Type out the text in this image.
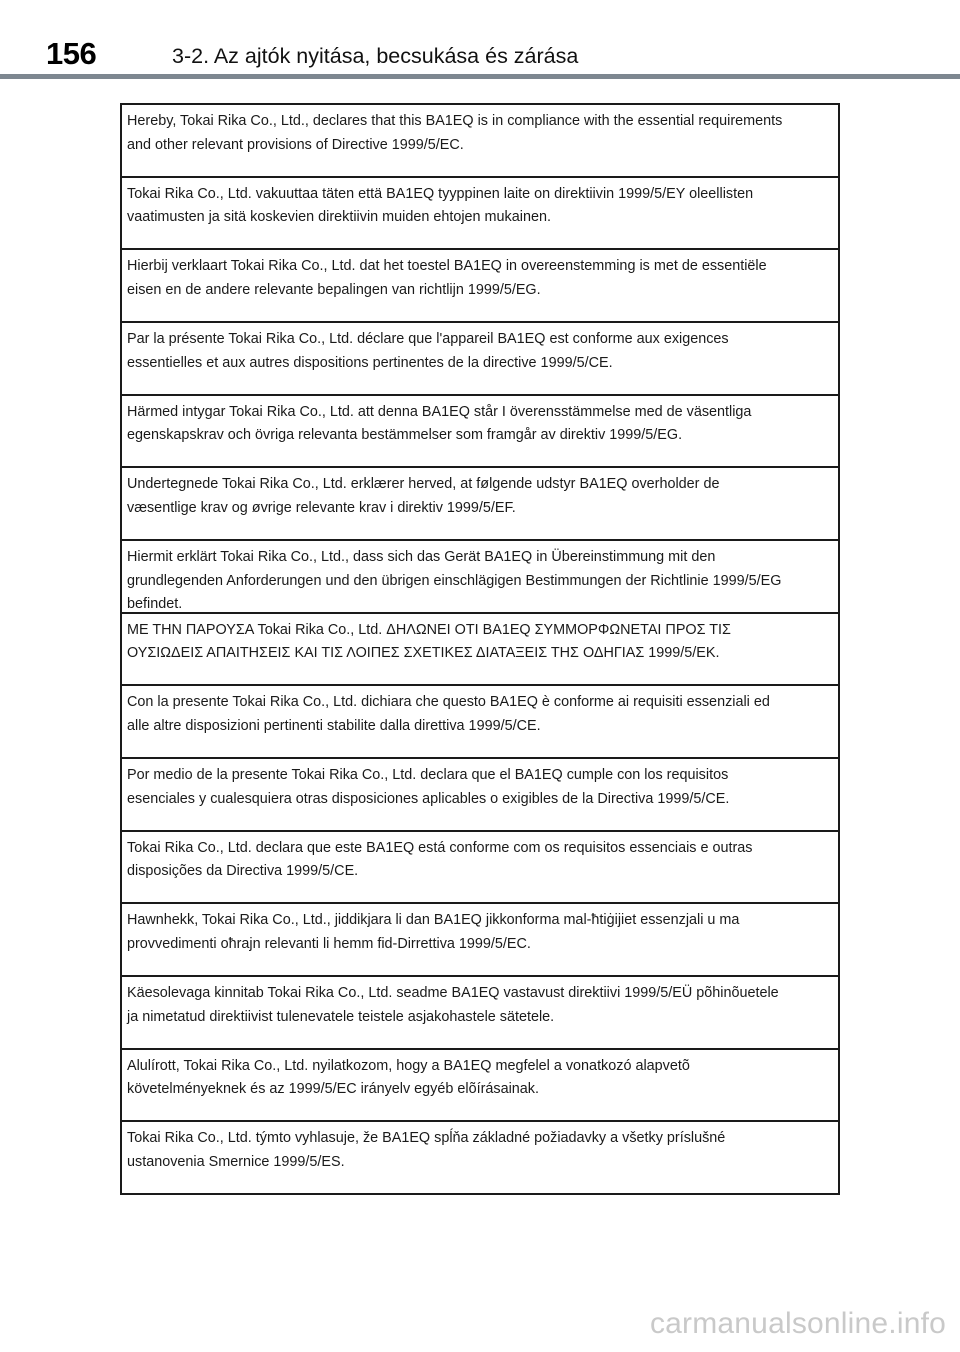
156	3-2. Az ajtók nyitása, becsukása és zárása
Hereby, Tokai Rika Co., Ltd., declares that this BA1EQ is in compliance with the essential requirements
and other relevant provisions of Directive 1999/5/EC.
Tokai Rika Co., Ltd. vakuuttaa täten että BA1EQ tyyppinen laite on direktiivin 1999/5/EY oleellisten
vaatimusten ja sitä koskevien direktiivin muiden ehtojen mukainen.
Hierbij verklaart Tokai Rika Co., Ltd. dat het toestel BA1EQ in overeenstemming is met de essentiële
eisen en de andere relevante bepalingen van richtlijn 1999/5/EG.
Par la présente Tokai Rika Co., Ltd. déclare que l'appareil BA1EQ est conforme aux exigences
essentielles et aux autres dispositions pertinentes de la directive 1999/5/CE.
Härmed intygar Tokai Rika Co., Ltd. att denna BA1EQ står I överensstämmelse med de väsentliga
egenskapskrav och övriga relevanta bestämmelser som framgår av direktiv 1999/5/EG.
Undertegnede Tokai Rika Co., Ltd. erklærer herved, at følgende udstyr BA1EQ overholder de
væsentlige krav og øvrige relevante krav i direktiv 1999/5/EF.
Hiermit erklärt Tokai Rika Co., Ltd., dass sich das Gerät BA1EQ in Übereinstimmung mit den
grundlegenden Anforderungen und den übrigen einschlägigen Bestimmungen der Richtlinie 1999/5/EG
befindet.
ΜΕ ΤΗΝ ΠΑΡΟΥΣΑ Tokai Rika Co., Ltd. ΔΗΛΩΝΕΙ ΟΤΙ BA1EQ ΣΥΜΜΟΡΦΩΝΕΤΑΙ ΠΡΟΣ ΤΙΣ
ΟΥΣΙΩΔΕΙΣ ΑΠΑΙΤΗΣΕΙΣ ΚΑΙ ΤΙΣ ΛΟΙΠΕΣ ΣΧΕΤΙΚΕΣ ΔΙΑΤΑΞΕΙΣ ΤΗΣ ΟΔΗΓΙΑΣ 1999/5/ΕΚ.
Con la presente Tokai Rika Co., Ltd. dichiara che questo BA1EQ è conforme ai requisiti essenziali ed
alle altre disposizioni pertinenti stabilite dalla direttiva 1999/5/CE.
Por medio de la presente Tokai Rika Co., Ltd. declara que el BA1EQ cumple con los requisitos
esenciales y cualesquiera otras disposiciones aplicables o exigibles de la Directiva 1999/5/CE.
Tokai Rika Co., Ltd. declara que este BA1EQ está conforme com os requisitos essenciais e outras
disposições da Directiva 1999/5/CE.
Hawnhekk, Tokai Rika Co., Ltd., jiddikjara li dan BA1EQ jikkonforma mal-ħtiġijiet essenzjali u ma
provvedimenti oħrajn relevanti li hemm fid-Dirrettiva 1999/5/EC.
Käesolevaga kinnitab Tokai Rika Co., Ltd. seadme BA1EQ vastavust direktiivi 1999/5/EÜ põhinõuetele
ja nimetatud direktiivist tulenevatele teistele asjakohastele sätetele.
Alulírott, Tokai Rika Co., Ltd. nyilatkozom, hogy a BA1EQ megfelel a vonatkozó alapvetõ
követelményeknek és az 1999/5/EC irányelv egyéb elõírásainak.
Tokai Rika Co., Ltd. týmto vyhlasuje, že BA1EQ spĺňa základné požiadavky a všetky príslušné
ustanovenia Smernice 1999/5/ES.
carmanualsonline.info
